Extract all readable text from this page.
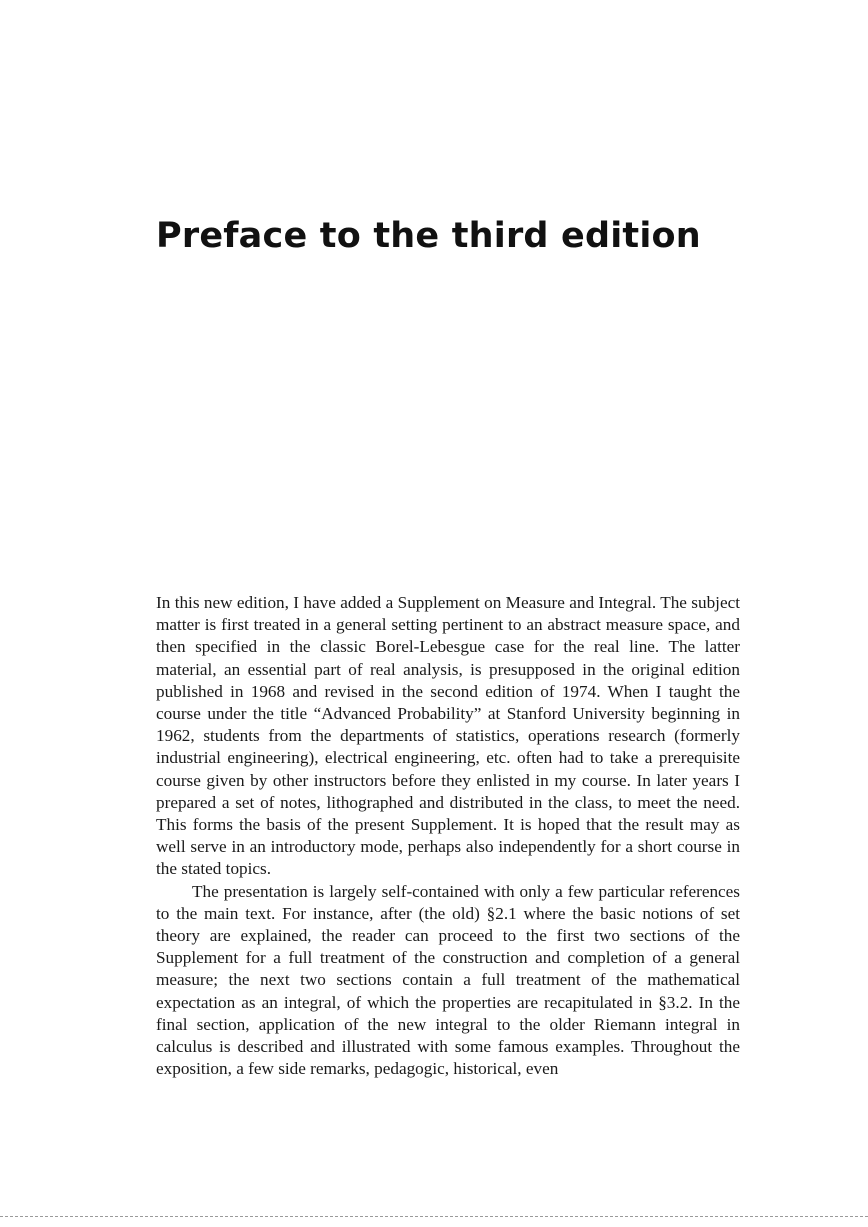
Preface to the third edition

In this new edition, I have added a Supplement on Measure and Integral. The subject matter is first treated in a general setting pertinent to an abstract measure space, and then specified in the classic Borel-Lebesgue case for the real line. The latter material, an essential part of real analysis, is presupposed in the original edition published in 1968 and revised in the second edition of 1974. When I taught the course under the title “Advanced Probability” at Stanford University beginning in 1962, students from the departments of statistics, operations research (formerly industrial engineering), electrical engineering, etc. often had to take a prerequisite course given by other instructors before they enlisted in my course. In later years I prepared a set of notes, lithographed and distributed in the class, to meet the need. This forms the basis of the present Supplement. It is hoped that the result may as well serve in an introductory mode, perhaps also independently for a short course in the stated topics.

The presentation is largely self-contained with only a few particular references to the main text. For instance, after (the old) §2.1 where the basic notions of set theory are explained, the reader can proceed to the first two sections of the Supplement for a full treatment of the construction and completion of a general measure; the next two sections contain a full treatment of the mathematical expectation as an integral, of which the properties are recapitulated in §3.2. In the final section, application of the new integral to the older Riemann integral in calculus is described and illustrated with some famous examples. Throughout the exposition, a few side remarks, pedagogic, historical, even
